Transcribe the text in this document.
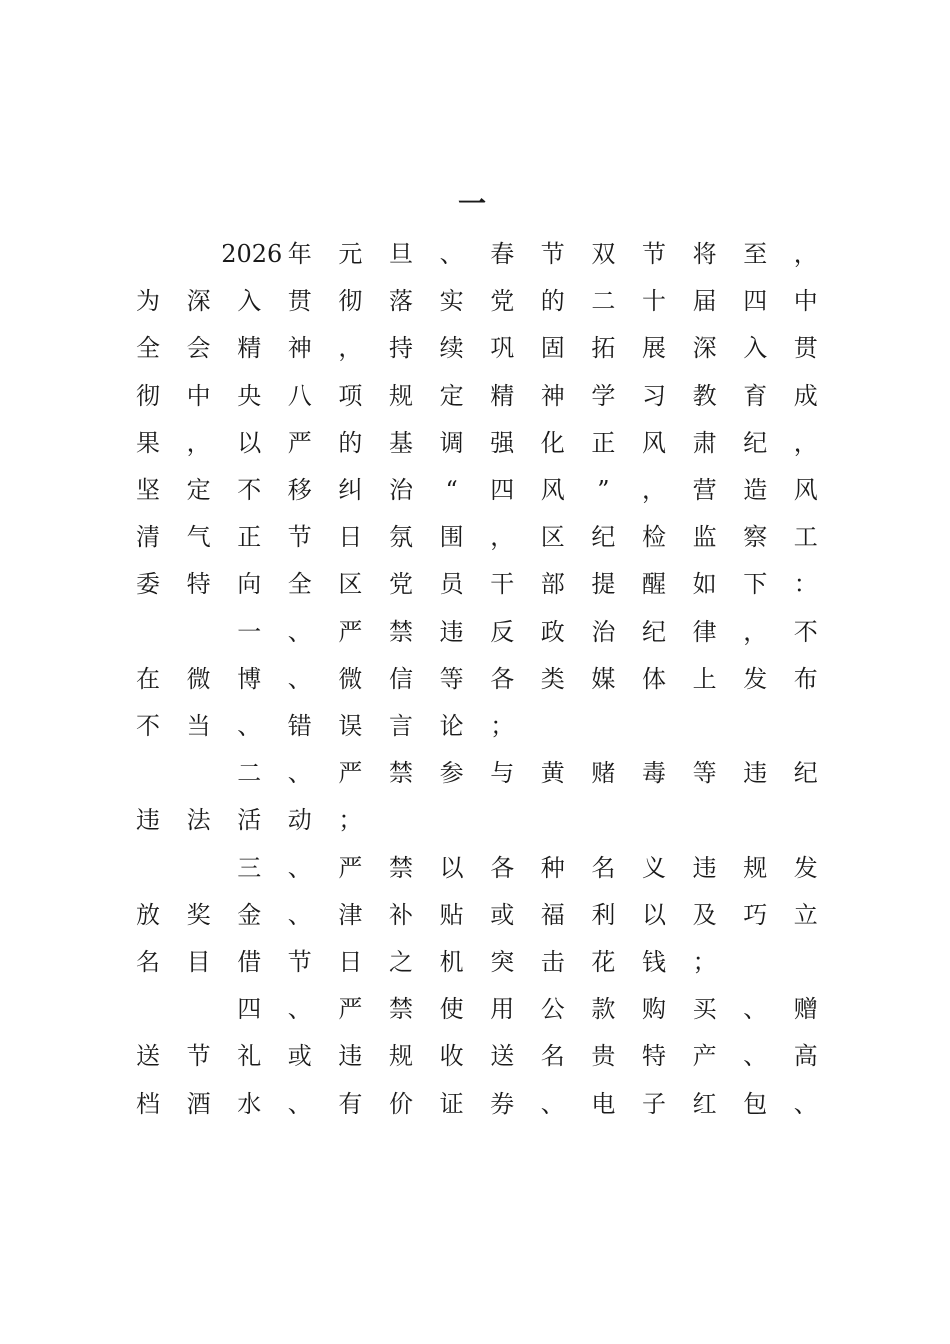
一
2026 年	元	旦	、	春	节	双	节	将	至	，
为	深	入	贯	彻	落	实	党	的	二	十	届	四	中
全	会	精	神	，	持	续	巩	固	拓	展	深	入	贯
彻	中	央	八	项	规	定	精	神	学	习	教	育	成
果	，	以	严	的	基	调	强	化	正	风	肃	纪	，
坚	定	不	移	纠	治	“	四	风	”	，	营	造	风
清	气	正	节	日	氛	围	，	区	纪	检	监	察	工
委	特	向	全	区	党	员	干	部	提	醒	如	下	：
一	、	严	禁	违	反	政	治	纪	律	，	不
在	微	博	、	微	信	等	各	类	媒	体	上	发	布
不	当	、	错	误	言	论	；
二	、	严	禁	参	与	黄	赌	毒	等	违	纪
违	法	活	动	；
三	、	严	禁	以	各	种	名	义	违	规	发
放	奖	金	、	津	补	贴	或	福	利	以	及	巧	立
名	目	借	节	日	之	机	突	击	花	钱	；
四	、	严	禁	使	用	公	款	购	买	、	赠
送	节	礼	或	违	规	收	送	名	贵	特	产	、	高
档	酒	水	、	有	价	证	券	、	电	子	红	包	、
